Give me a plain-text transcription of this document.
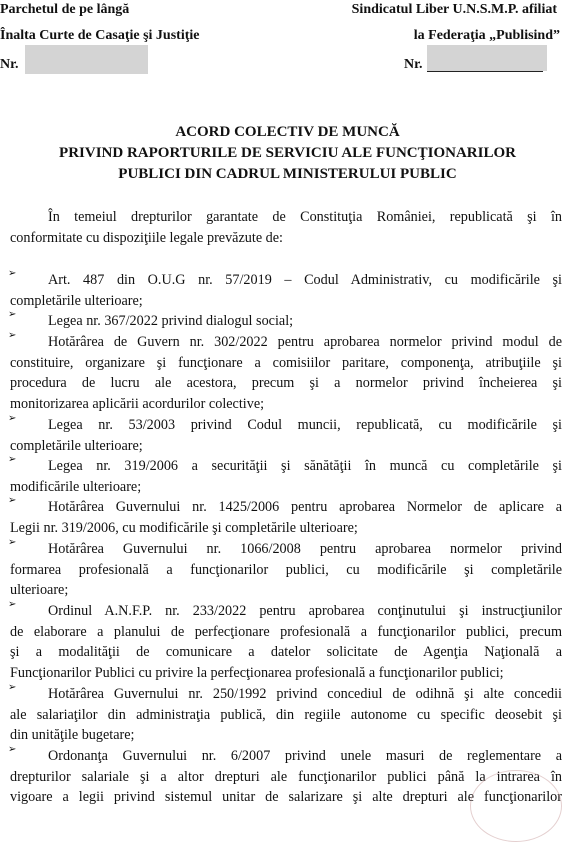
Parchetul de pe lângă
Înalta Curte de Casaţie şi Justiţie
Nr.
Sindicatul Liber U.N.S.M.P. afiliat
la Federaţia „Publisind”
Nr.
ACORD COLECTIV DE MUNCĂ
PRIVIND RAPORTURILE DE SERVICIU ALE FUNCŢIONARILOR
PUBLICI DIN CADRUL MINISTERULUI PUBLIC
În temeiul drepturilor garantate de Constituţia României, republicată şi în
conformitate cu dispoziţiile legale prevăzute de:
➢	Art. 487 din O.U.G nr. 57/2019 – Codul Administrativ, cu modificările şi
completările ulterioare;
➢	Legea nr. 367/2022 privind dialogul social;
➢	Hotărârea de Guvern nr. 302/2022 pentru aprobarea normelor privind modul de
constituire, organizare şi funcţionare a comisiilor paritare, componenţa, atribuţiile şi
procedura de lucru ale acestora, precum şi a normelor privind încheierea şi
monitorizarea aplicării acordurilor colective;
➢	Legea nr. 53/2003 privind Codul muncii, republicată, cu modificările şi
completările ulterioare;
➢	Legea nr. 319/2006 a securităţii şi sănătăţii în muncă cu completările şi
modificările ulterioare;
➢	Hotărârea Guvernului nr. 1425/2006 pentru aprobarea Normelor de aplicare a
Legii nr. 319/2006, cu modificările şi completările ulterioare;
➢	Hotărârea Guvernului nr. 1066/2008 pentru aprobarea normelor privind
formarea profesională a funcţionarilor publici, cu modificările şi completările
ulterioare;
➢	Ordinul A.N.F.P. nr. 233/2022 pentru aprobarea conţinutului şi instrucţiunilor
de elaborare a planului de perfecţionare profesională a funcţionarilor publici, precum
şi a modalităţii de comunicare a datelor solicitate de Agenţia Naţională a
Funcţionarilor Publici cu privire la perfecţionarea profesională a funcţionarilor publici;
➢	Hotărârea Guvernului nr. 250/1992 privind concediul de odihnă şi alte concedii
ale salariaţilor din administraţia publică, din regiile autonome cu specific deosebit şi
din unităţile bugetare;
➢	Ordonanţa Guvernului nr. 6/2007 privind unele masuri de reglementare a
drepturilor salariale şi a altor drepturi ale funcţionarilor publici până la intrarea în
vigoare a legii privind sistemul unitar de salarizare şi alte drepturi ale funcţionarilor
